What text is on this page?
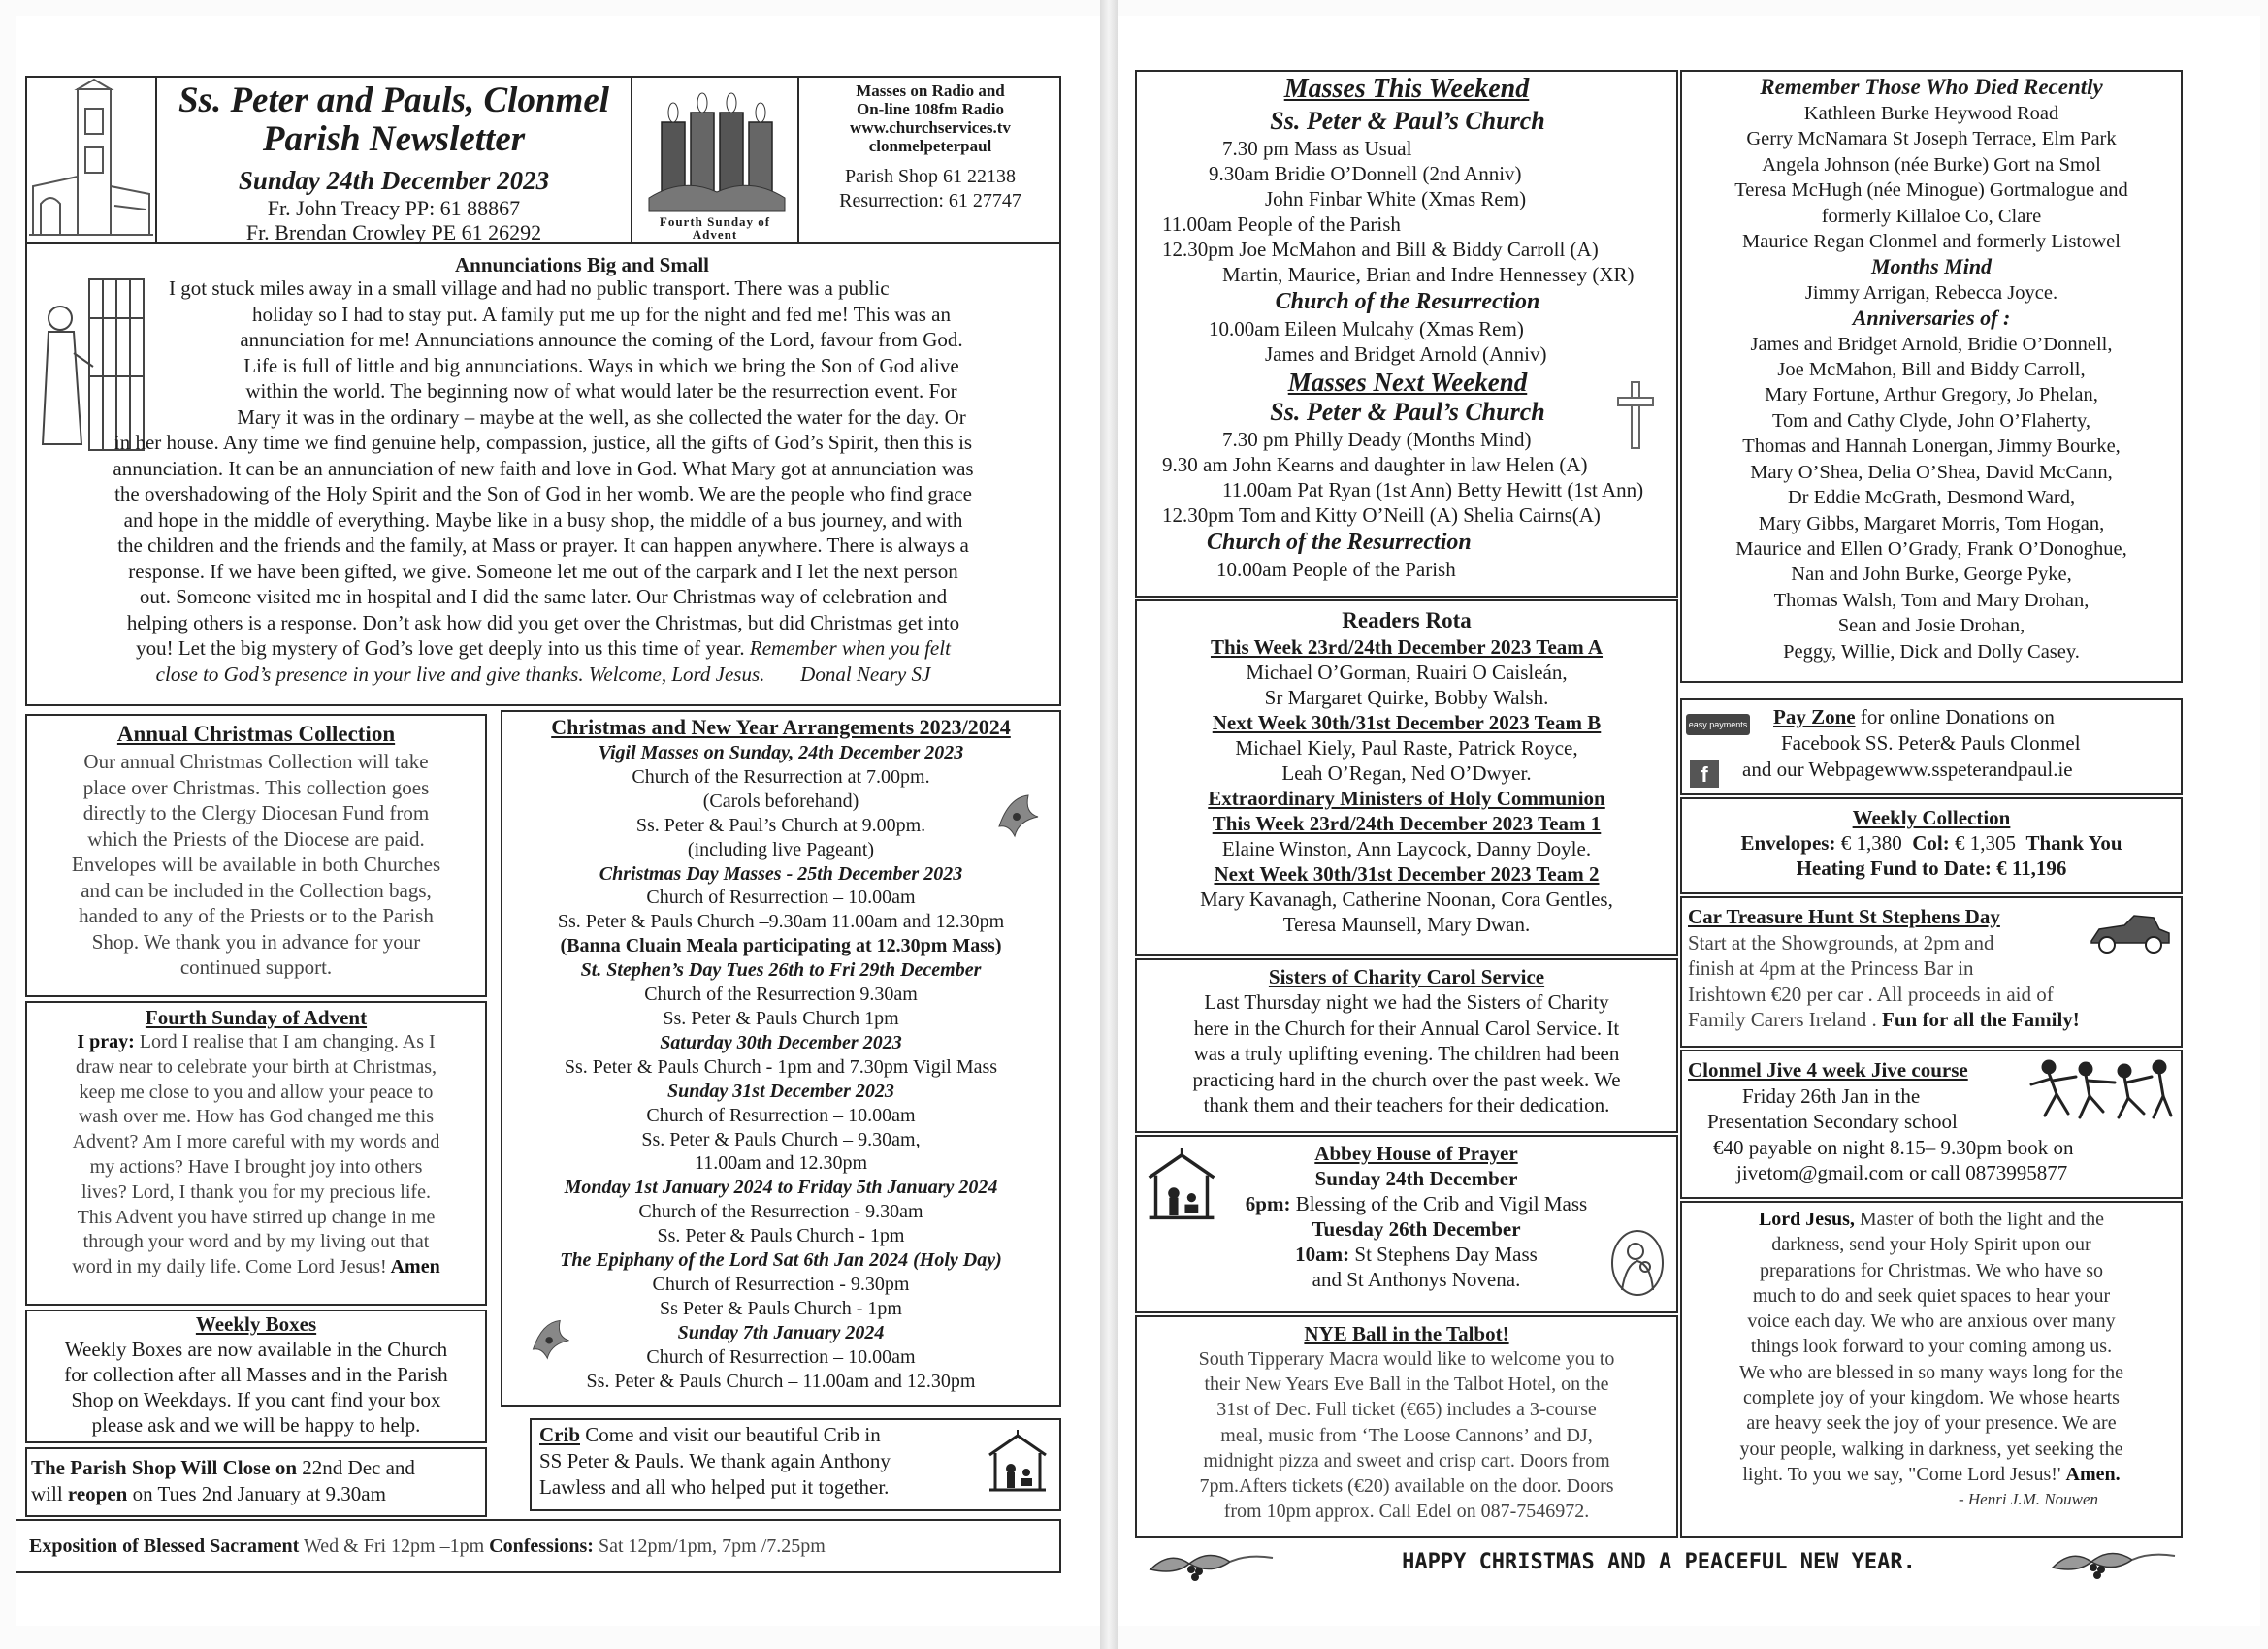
Ss. Peter and Pauls, Clonmel
Parish Newsletter
Sunday 24th December 2023
Fr. John Treacy PP: 61 88867
Fr. Brendan Crowley PE 61 26292	Fourth Sunday of Advent
Masses on Radio and
On-line 108fm Radio
www.churchservices.tv
clonmelpeterpaul
Parish Shop 61 22138
Resurrection: 61 27747
Annunciations Big and Small
I got stuck miles away in a small village and had no public transport. There was a public
holiday so I had to stay put. A family put me up for the night and fed me! This was an
annunciation for me! Annunciations announce the coming of the Lord, favour from God.
Life is full of little and big annunciations. Ways in which we bring the Son of God alive
within the world. The beginning now of what would later be the resurrection event. For
Mary it was in the ordinary – maybe at the well, as she collected the water for the day. Or
in her house. Any time we find genuine help, compassion, justice, all the gifts of God’s Spirit, then this is
annunciation. It can be an annunciation of new faith and love in God. What Mary got at annunciation was
the overshadowing of the Holy Spirit and the Son of God in her womb. We are the people who find grace
and hope in the middle of everything. Maybe like in a busy shop, the middle of a bus journey, and with
the children and the friends and the family, at Mass or prayer. It can happen anywhere. There is always a
response. If we have been gifted, we give. Someone let me out of the carpark and I let the next person
out. Someone visited me in hospital and I did the same later. Our Christmas way of celebration and
helping others is a response. Don’t ask how did you get over the Christmas, but did Christmas get into
you! Let the big mystery of God’s love get deeply into us this time of year. Remember when you felt
close to God’s presence in your live and give thanks. Welcome, Lord Jesus.       Donal Neary SJ
Annual Christmas Collection
Our annual Christmas Collection will take
place over Christmas. This collection goes
directly to the Clergy Diocesan Fund from
which the Priests of the Diocese are paid.
Envelopes will be available in both Churches
and can be included in the Collection bags,
handed to any of the Priests or to the Parish
Shop. We thank you in advance for your
continued support.
Fourth Sunday of Advent
I pray: Lord I realise that I am changing. As I
draw near to celebrate your birth at Christmas,
keep me close to you and allow your peace to
wash over me. How has God changed me this
Advent? Am I more careful with my words and
my actions? Have I brought joy into others
lives? Lord, I thank you for my precious life.
This Advent you have stirred up change in me
through your word and by my living out that
word in my daily life. Come Lord Jesus! Amen
Weekly Boxes
Weekly Boxes are now available in the Church
for collection after all Masses and in the Parish
Shop on Weekdays. If you cant find your box
please ask and we will be happy to help.
The Parish Shop Will Close on 22nd Dec and
will reopen on Tues 2nd January at 9.30am
Christmas and New Year Arrangements 2023/2024
Vigil Masses on Sunday, 24th December 2023
Church of the Resurrection at 7.00pm.
(Carols beforehand)
Ss. Peter & Paul’s Church at 9.00pm.
(including live Pageant)
Christmas Day Masses - 25th December 2023
Church of Resurrection – 10.00am
Ss. Peter & Pauls Church –9.30am 11.00am and 12.30pm
(Banna Cluain Meala participating at 12.30pm Mass)
St. Stephen’s Day Tues 26th to Fri 29th December
Church of the Resurrection 9.30am
Ss. Peter & Pauls Church 1pm
Saturday 30th December 2023
Ss. Peter & Pauls Church - 1pm and 7.30pm Vigil Mass
Sunday 31st December 2023
Church of Resurrection – 10.00am
Ss. Peter & Pauls Church – 9.30am,
11.00am and 12.30pm
Monday 1st January 2024 to Friday 5th January 2024
Church of the Resurrection - 9.30am
Ss. Peter & Pauls Church - 1pm
The Epiphany of the Lord Sat 6th Jan 2024 (Holy Day)
Church of Resurrection - 9.30pm
Ss Peter & Pauls Church - 1pm
Sunday 7th January 2024
Church of Resurrection – 10.00am
Ss. Peter & Pauls Church – 11.00am and 12.30pm
Crib Come and visit our beautiful Crib in
SS Peter & Pauls. We thank again Anthony
Lawless and all who helped put it together.
Exposition of Blessed Sacrament Wed & Fri 12pm –1pm Confessions: Sat 12pm/1pm, 7pm /7.25pm
Masses This Weekend
Ss. Peter & Paul’s Church
7.30 pm Mass as Usual
9.30am Bridie O’Donnell (2nd Anniv)
John Finbar White (Xmas Rem)
11.00am People of the Parish
12.30pm Joe McMahon and Bill & Biddy Carroll (A)
Martin, Maurice, Brian and Indre Hennessey (XR)
Church of the Resurrection
10.00am Eileen Mulcahy (Xmas Rem)
James and Bridget Arnold (Anniv)
Masses Next Weekend
Ss. Peter & Paul’s Church
7.30 pm Philly Deady (Months Mind)
9.30 am John Kearns and daughter in law Helen (A)
11.00am Pat Ryan (1st Ann) Betty Hewitt (1st Ann)
12.30pm Tom and Kitty O’Neill (A) Shelia Cairns(A)
Church of the Resurrection
10.00am People of the Parish
Readers Rota
This Week 23rd/24th December 2023 Team A
Michael O’Gorman, Ruairi O Caisleán,
Sr Margaret Quirke, Bobby Walsh.
Next Week 30th/31st December 2023 Team B
Michael Kiely, Paul Raste, Patrick Royce,
Leah O’Regan, Ned O’Dwyer.
Extraordinary Ministers of Holy Communion
This Week 23rd/24th December 2023 Team 1
Elaine Winston, Ann Laycock, Danny Doyle.
Next Week 30th/31st December 2023 Team 2
Mary Kavanagh, Catherine Noonan, Cora Gentles,
Teresa Maunsell, Mary Dwan.
Sisters of Charity Carol Service
Last Thursday night we had the Sisters of Charity
here in the Church for their Annual Carol Service. It
was a truly uplifting evening. The children had been
practicing hard in the church over the past week. We
thank them and their teachers for their dedication.
Abbey House of Prayer
Sunday 24th December
6pm: Blessing of the Crib and Vigil Mass
Tuesday 26th December
10am: St Stephens Day Mass
and St Anthonys Novena.
NYE Ball in the Talbot!
South Tipperary Macra would like to welcome you to
their New Years Eve Ball in the Talbot Hotel, on the
31st of Dec. Full ticket (€65) includes a 3-course
meal, music from ‘The Loose Cannons’ and DJ,
midnight pizza and sweet and crisp cart. Doors from
7pm.Afters tickets (€20) available on the door. Doors
from 10pm approx. Call Edel on 087-7546972.
Remember Those Who Died Recently
Kathleen Burke Heywood Road
Gerry McNamara St Joseph Terrace, Elm Park
Angela Johnson (née Burke) Gort na Smol
Teresa McHugh (née Minogue) Gortmalogue and
formerly Killaloe Co, Clare
Maurice Regan Clonmel and formerly Listowel
Months Mind
Jimmy Arrigan, Rebecca Joyce.
Anniversaries of :
James and Bridget Arnold, Bridie O’Donnell,
Joe McMahon, Bill and Biddy Carroll,
Mary Fortune, Arthur Gregory, Jo Phelan,
Tom and Cathy Clyde, John O’Flaherty,
Thomas and Hannah Lonergan, Jimmy Bourke,
Mary O’Shea, Delia O’Shea, David McCann,
Dr Eddie McGrath, Desmond Ward,
Mary Gibbs, Margaret Morris, Tom Hogan,
Maurice and Ellen O’Grady, Frank O’Donoghue,
Nan and John Burke, George Pyke,
Thomas Walsh, Tom and Mary Drohan,
Sean and Josie Drohan,
Peggy, Willie, Dick and Dolly Casey.
easy payments plus
f
Pay Zone for online Donations on
Facebook SS. Peter& Pauls Clonmel
and our Webpagewww.sspeterandpaul.ie
Weekly Collection
Envelopes: € 1,380 Col: € 1,305 Thank You
Heating Fund to Date: € 11,196
Car Treasure Hunt St Stephens Day
Start at the Showgrounds, at 2pm and
finish at 4pm at the Princess Bar in
Irishtown €20 per car . All proceeds in aid of
Family Carers Ireland . Fun for all the Family!
Clonmel Jive 4 week Jive course
Friday 26th Jan in the
Presentation Secondary school
€40 payable on night 8.15– 9.30pm book on
jivetom@gmail.com or call 0873995877
Lord Jesus, Master of both the light and the
darkness, send your Holy Spirit upon our
preparations for Christmas. We who have so
much to do and seek quiet spaces to hear your
voice each day. We who are anxious over many
things look forward to your coming among us.
We who are blessed in so many ways long for the
complete joy of your kingdom. We whose hearts
are heavy seek the joy of your presence. We are
your people, walking in darkness, yet seeking the
light. To you we say, "Come Lord Jesus!' Amen.
- Henri J.M. Nouwen
HAPPY CHRISTMAS AND A PEACEFUL NEW YEAR.
